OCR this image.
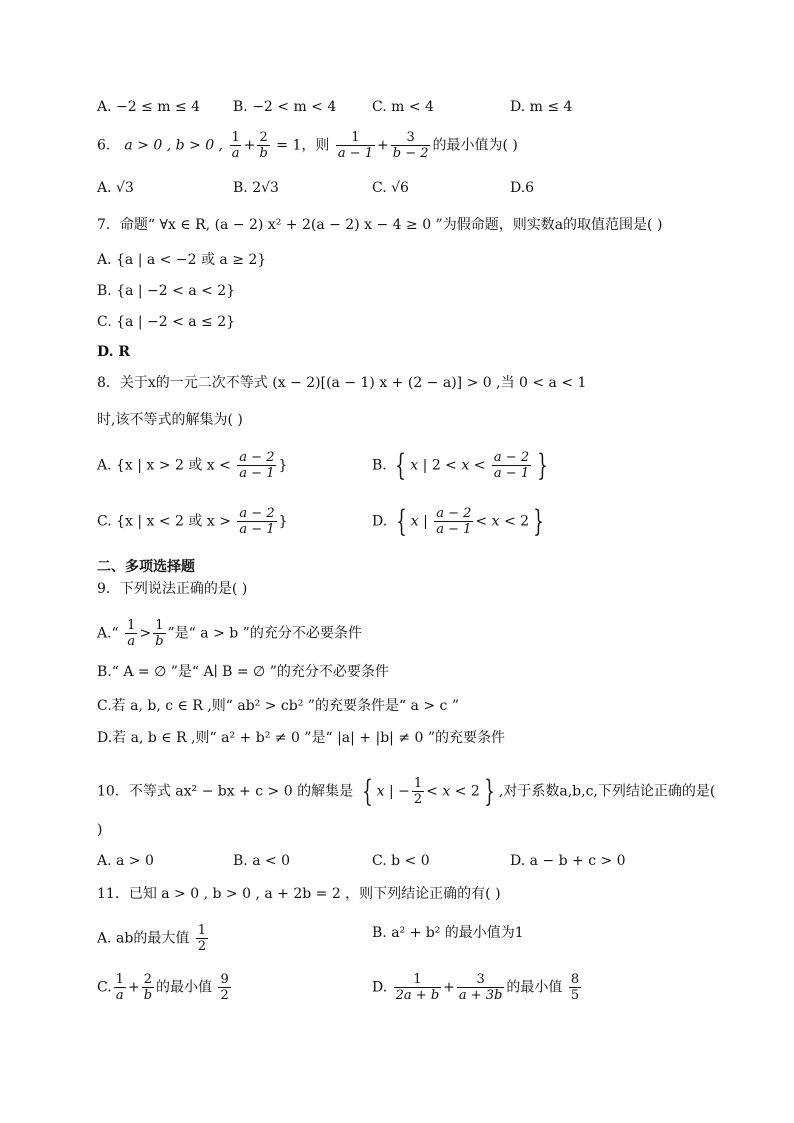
A. −2 ≤ m ≤ 4 B. −2 < m < 4	C. m < 4	D. m ≤ 4
6． a > 0 , b > 0 , $\frac{1}{a} + \frac{2}{b} = 1$，则 $\frac{1}{a - 1} + \frac{3}{b - 2}$ 的最小值为( )
A. √3	B. 2√3	C. √6	D.6
7．命题“ ∀x ∈ R, (a − 2) x² + 2(a − 2) x − 4 ≥ 0 ”为假命题，则实数a的取值范围是( )
A. {a | a < −2 或 a ≥ 2}
B. {a | −2 < a < 2}
C. {a | −2 < a ≤ 2}
D. R
8．关于x的一元二次不等式 (x − 2)[(a − 1) x + (2 − a)] > 0 ,当 0 < a < 1
时,该不等式的解集为( )
A. {x | x > 2 或 $x < \frac{a - 2}{a - 1}$ }	B. { x | $2 < x < \frac{a - 2}{a - 1}$ }
C. {x | x < 2 或 $x > \frac{a - 2}{a - 1}$ }	D. { x | $\frac{a - 2}{a - 1} < x < 2$ }
二、多项选择题
9．下列说法正确的是( )
A.“ $\frac{1}{a} > \frac{1}{b}$ ”是“ a > b ”的充分不必要条件
B.“ A = ∅ ”是“ A∣ B = ∅ ”的充分不必要条件
C.若 a, b, c ∈ R ,则“ ab² > cb² ”的充要条件是“ a > c ”
D.若 a, b ∈ R ,则“ a² + b² ≠ 0 ”是“ |a| + |b| ≠ 0 ”的充要条件
10．不等式 ax² − bx + c > 0 的解集是 { x | − $\frac{1}{2} < x < 2$ } ,对于系数a,b,c,下列结论正确的是(
)
A. a > 0	B. a < 0	C. b < 0	D. a − b + c > 0
11．已知 a > 0 , b > 0 , a + 2b = 2 ，则下列结论正确的有( )
A. ab的最大值 $\frac{1}{2}$	B. a² + b² 的最小值为1
C. $\frac{1}{a} + \frac{2}{b}$ 的最小值 $\frac{9}{2}$	D. $\frac{1}{2a + b} + \frac{3}{a + 3b}$ 的最小值 $\frac{8}{5}$
